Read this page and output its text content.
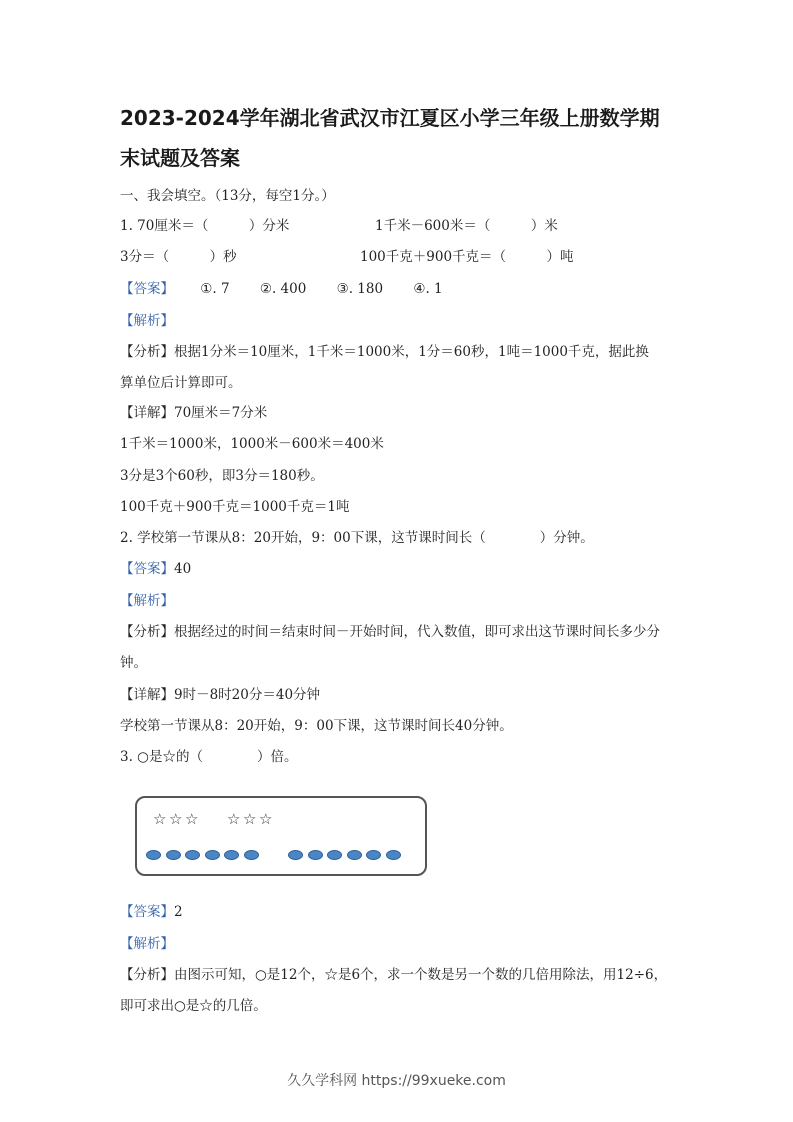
2023-2024学年湖北省武汉市江夏区小学三年级上册数学期
末试题及答案
一、我会填空。（13分，每空1分。）
1. 70厘米＝（　　　）分米	1千米－600米＝（　　　）米
3分＝（　　　）秒	100千克＋900千克＝（　　　）吨
【答案】 ①. 7 ②. 400 ③. 180 ④. 1
【解析】
【分析】根据1分米＝10厘米，1千米＝1000米，1分＝60秒，1吨＝1000千克，据此换
算单位后计算即可。
【详解】70厘米＝7分米
1千米＝1000米，1000米－600米＝400米
3分是3个60秒，即3分＝180秒。
100千克＋900千克＝1000千克＝1吨
2. 学校第一节课从8：20开始，9：00下课，这节课时间长（　　　　）分钟。
【答案】40
【解析】
【分析】根据经过的时间＝结束时间－开始时间，代入数值，即可求出这节课时间长多少分
钟。
【详解】9时－8时20分＝40分钟
学校第一节课从8：20开始，9：00下课，这节课时间长40分钟。
3. ○是☆的（　　　　）倍。
☆ ☆ ☆ ☆ ☆ ☆
【答案】2
【解析】
【分析】由图示可知，○是12个，☆是6个，求一个数是另一个数的几倍用除法，用12÷6，
即可求出○是☆的几倍。
久久学科网 https://99xueke.com
